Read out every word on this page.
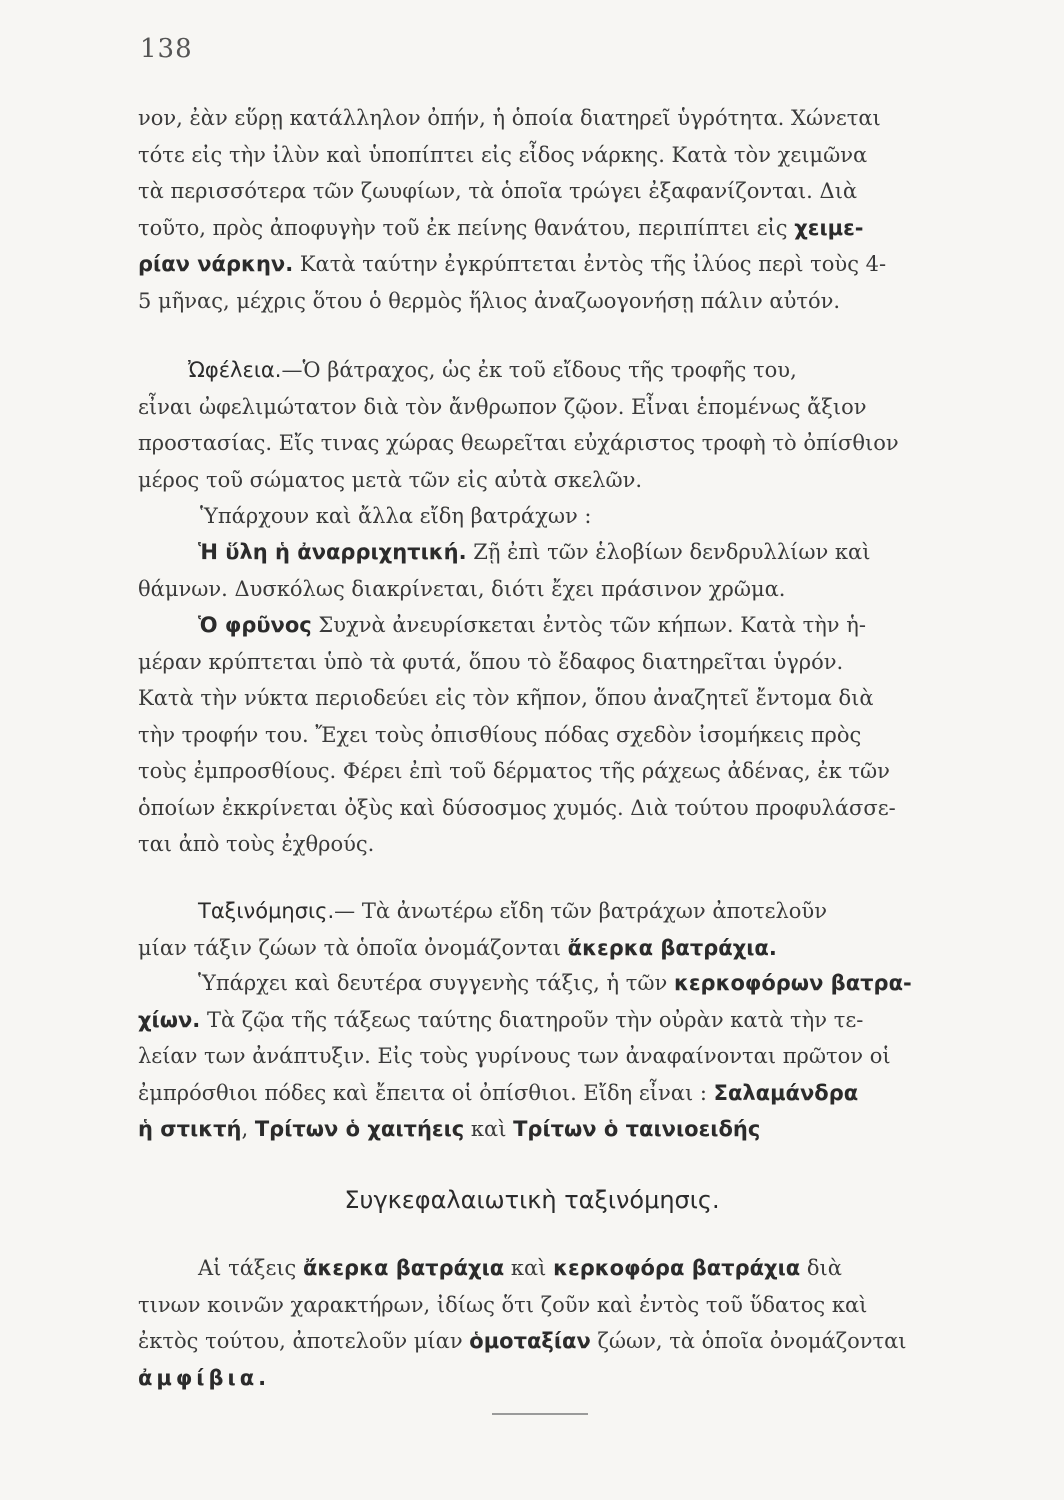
138
νον, ἐὰν εὕρῃ κατάλληλον ὀπήν, ἡ ὁποία διατηρεῖ ὑγρότητα. Χώνεται
τότε εἰς τὴν ἰλὺν καὶ ὑποπίπτει εἰς εἶδος νάρκης. Κατὰ τὸν χειμῶνα
τὰ περισσότερα τῶν ζωυφίων, τὰ ὁποῖα τρώγει ἐξαφανίζονται. Διὰ
τοῦτο, πρὸς ἀποφυγὴν τοῦ ἐκ πείνης θανάτου, περιπίπτει εἰς χειμε-
ρίαν νάρκην. Κατὰ ταύτην ἐγκρύπτεται ἐντὸς τῆς ἰλύος περὶ τοὺς 4-
5 μῆνας, μέχρις ὅτου ὁ θερμὸς ἥλιος ἀναζωογονήσῃ πάλιν αὐτόν.
Ὠφέλεια.—Ὁ βάτραχος, ὡς ἐκ τοῦ εἴδους τῆς τροφῆς του,
εἶναι ὠφελιμώτατον διὰ τὸν ἄνθρωπον ζῷον. Εἶναι ἑπομένως ἄξιον
προστασίας. Εἴς τινας χώρας θεωρεῖται εὐχάριστος τροφὴ τὸ ὀπίσθιον
μέρος τοῦ σώματος μετὰ τῶν εἰς αὐτὰ σκελῶν.
Ὑπάρχουν καὶ ἄλλα εἴδη βατράχων :
Ἡ ὕλη ἡ ἀναρριχητική. Ζῇ ἐπὶ τῶν ἑλοβίων δενδρυλλίων καὶ
θάμνων. Δυσκόλως διακρίνεται, διότι ἔχει πράσινον χρῶμα.
Ὁ φρῦνος Συχνὰ ἀνευρίσκεται ἐντὸς τῶν κήπων. Κατὰ τὴν ἡ-
μέραν κρύπτεται ὑπὸ τὰ φυτά, ὅπου τὸ ἔδαφος διατηρεῖται ὑγρόν.
Κατὰ τὴν νύκτα περιοδεύει εἰς τὸν κῆπον, ὅπου ἀναζητεῖ ἔντομα διὰ
τὴν τροφήν του. Ἔχει τοὺς ὀπισθίους πόδας σχεδὸν ἰσομήκεις πρὸς
τοὺς ἐμπροσθίους. Φέρει ἐπὶ τοῦ δέρματος τῆς ράχεως ἀδένας, ἐκ τῶν
ὁποίων ἐκκρίνεται ὀξὺς καὶ δύσοσμος χυμός. Διὰ τούτου προφυλάσσε-
ται ἀπὸ τοὺς ἐχθρούς.
Ταξινόμησις.— Τὰ ἀνωτέρω εἴδη τῶν βατράχων ἀποτελοῦν
μίαν τάξιν ζώων τὰ ὁποῖα ὀνομάζονται ἄκερκα βατράχια.
Ὑπάρχει καὶ δευτέρα συγγενὴς τάξις, ἡ τῶν κερκοφόρων βατρα-
χίων. Τὰ ζῷα τῆς τάξεως ταύτης διατηροῦν τὴν οὐρὰν κατὰ τὴν τε-
λείαν των ἀνάπτυξιν. Εἰς τοὺς γυρίνους των ἀναφαίνονται πρῶτον οἱ
ἐμπρόσθιοι πόδες καὶ ἔπειτα οἱ ὀπίσθιοι. Εἴδη εἶναι : Σαλαμάνδρα
ἡ στικτή, Τρίτων ὁ χαιτήεις καὶ Τρίτων ὁ ταινιοειδής
Συγκεφαλαιωτικὴ ταξινόμησις.
Αἱ τάξεις ἄκερκα βατράχια καὶ κερκοφόρα βατράχια διὰ
τινων κοινῶν χαρακτήρων, ἰδίως ὅτι ζοῦν καὶ ἐντὸς τοῦ ὕδατος καὶ
ἐκτὸς τούτου, ἀποτελοῦν μίαν ὁμοταξίαν ζώων, τὰ ὁποῖα ὀνομάζονται
ἀμφίβια.
